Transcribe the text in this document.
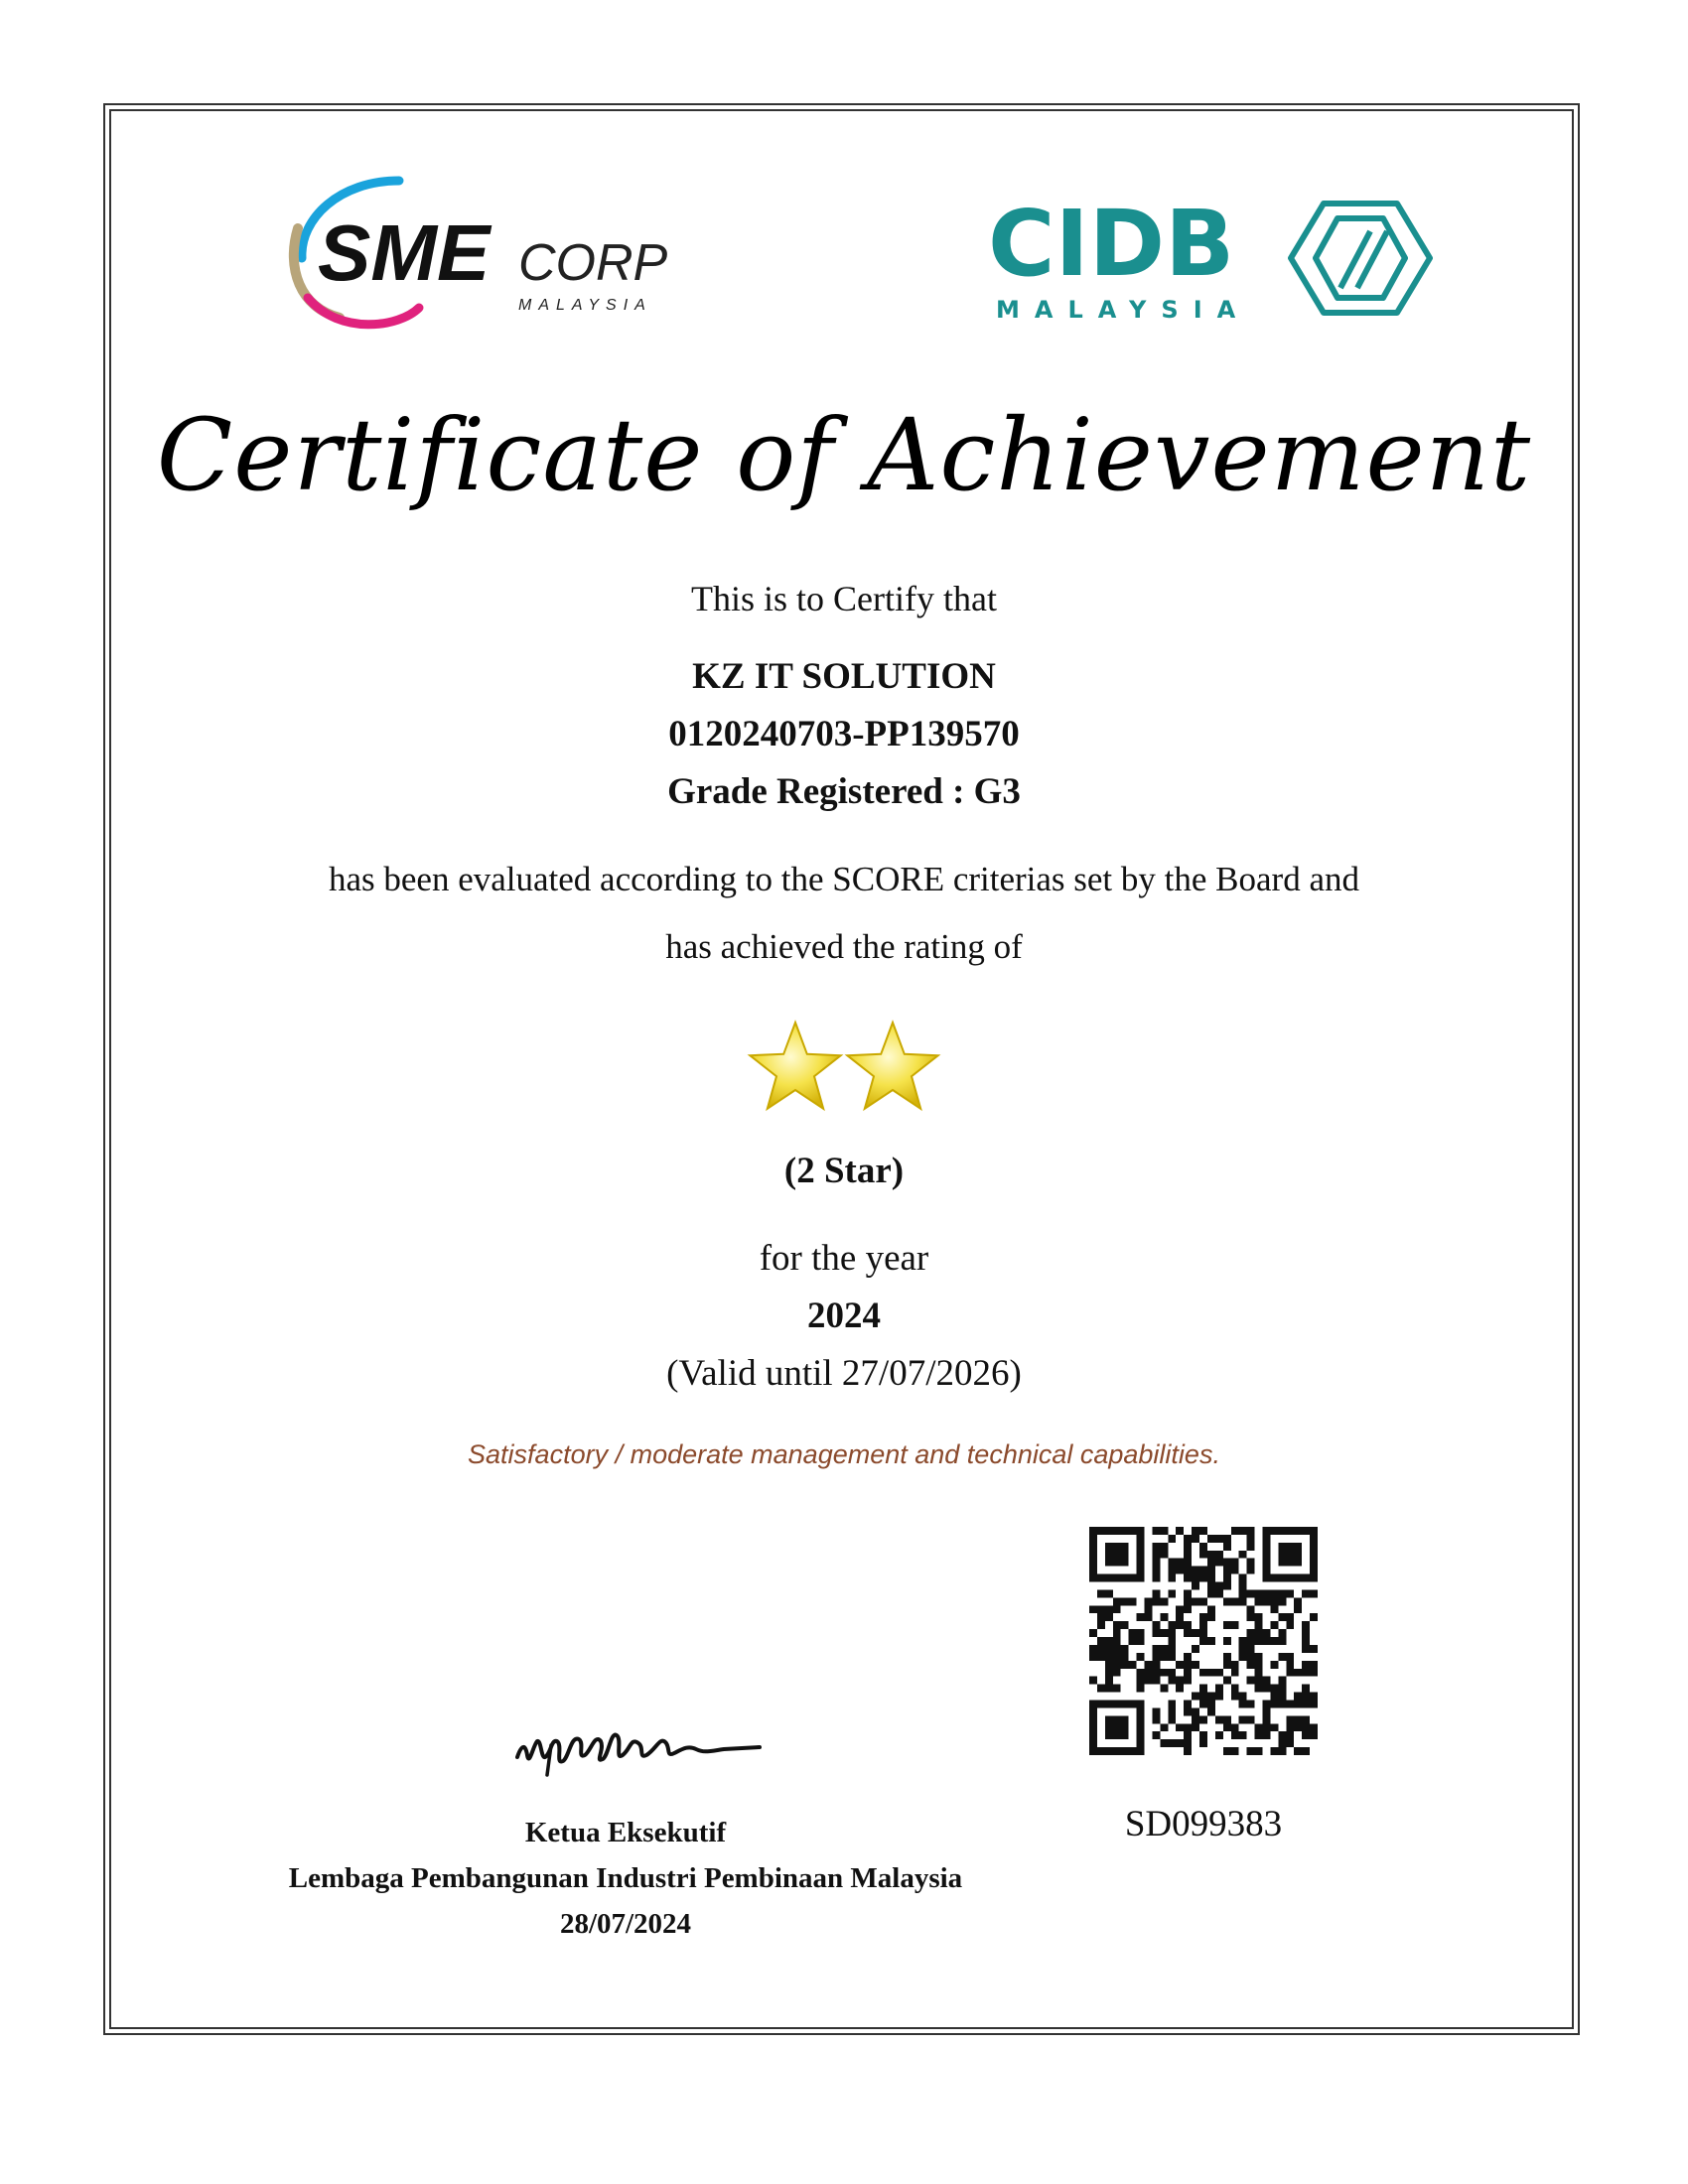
SME CORP
MALAYSIA
CIDB
MALAYSIA
Certificate of Achievement
This is to Certify that
KZ IT SOLUTION
0120240703-PP139570
Grade Registered : G3
has been evaluated according to the SCORE criterias set by the Board and
has achieved the rating of
(2 Star)
for the year
2024
(Valid until 27/07/2026)
Satisfactory / moderate management and technical capabilities.
SD099383
Ketua Eksekutif
Lembaga Pembangunan Industri Pembinaan Malaysia
28/07/2024
